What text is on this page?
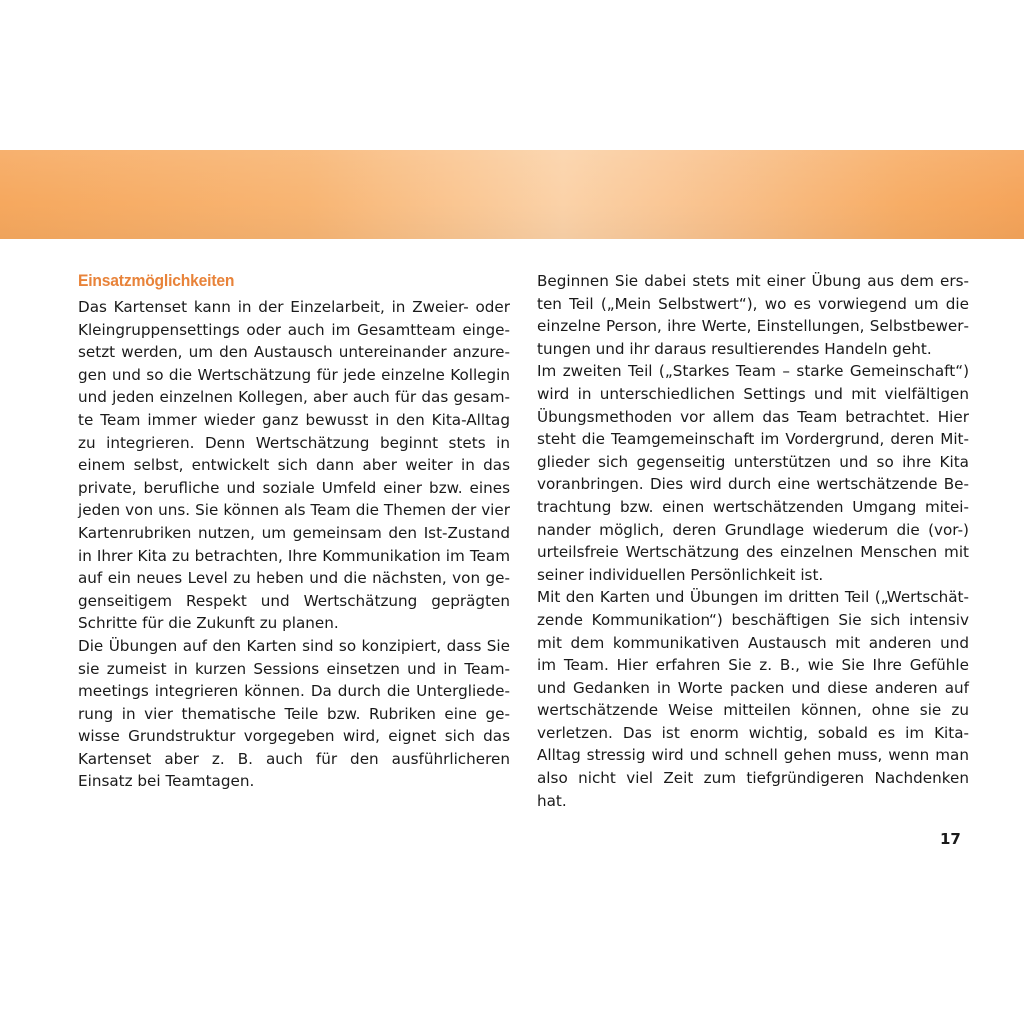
Einsatzmöglichkeiten

Das Kartenset kann in der Einzelarbeit, in Zweier- oder Kleingruppensettings oder auch im Gesamtteam eingesetzt werden, um den Austausch untereinander anzuregen und so die Wertschätzung für jede einzelne Kollegin und jeden einzelnen Kollegen, aber auch für das gesamte Team immer wieder ganz bewusst in den Kita-Alltag zu integrieren. Denn Wertschätzung beginnt stets in einem selbst, entwickelt sich dann aber weiter in das private, berufliche und soziale Umfeld einer bzw. eines jeden von uns. Sie können als Team die Themen der vier Kartenrubriken nutzen, um gemeinsam den Ist-Zustand in Ihrer Kita zu betrachten, Ihre Kommunikation im Team auf ein neues Level zu heben und die nächsten, von gegenseitigem Respekt und Wertschätzung geprägten Schritte für die Zukunft zu planen.

Die Übungen auf den Karten sind so konzipiert, dass Sie sie zumeist in kurzen Sessions einsetzen und in Teammeetings integrieren können. Da durch die Untergliederung in vier thematische Teile bzw. Rubriken eine gewisse Grundstruktur vorgegeben wird, eignet sich das Kartenset aber z. B. auch für den ausführlicheren Einsatz bei Teamtagen.

Beginnen Sie dabei stets mit einer Übung aus dem ersten Teil („Mein Selbstwert“), wo es vorwiegend um die einzelne Person, ihre Werte, Einstellungen, Selbstbewertungen und ihr daraus resultierendes Handeln geht.

Im zweiten Teil („Starkes Team – starke Gemeinschaft“) wird in unterschiedlichen Settings und mit vielfältigen Übungsmethoden vor allem das Team betrachtet. Hier steht die Teamgemeinschaft im Vordergrund, deren Mitglieder sich gegenseitig unterstützen und so ihre Kita voranbringen. Dies wird durch eine wertschätzende Betrachtung bzw. einen wertschätzenden Umgang miteinander möglich, deren Grundlage wiederum die (vor-) urteilsfreie Wertschätzung des einzelnen Menschen mit seiner individuellen Persönlichkeit ist.

Mit den Karten und Übungen im dritten Teil („Wertschätzende Kommunikation“) beschäftigen Sie sich intensiv mit dem kommunikativen Austausch mit anderen und im Team. Hier erfahren Sie z. B., wie Sie Ihre Gefühle und Gedanken in Worte packen und diese anderen auf wertschätzende Weise mitteilen können, ohne sie zu verletzen. Das ist enorm wichtig, sobald es im Kita-Alltag stressig wird und schnell gehen muss, wenn man also nicht viel Zeit zum tiefgründigeren Nachdenken hat.

17
